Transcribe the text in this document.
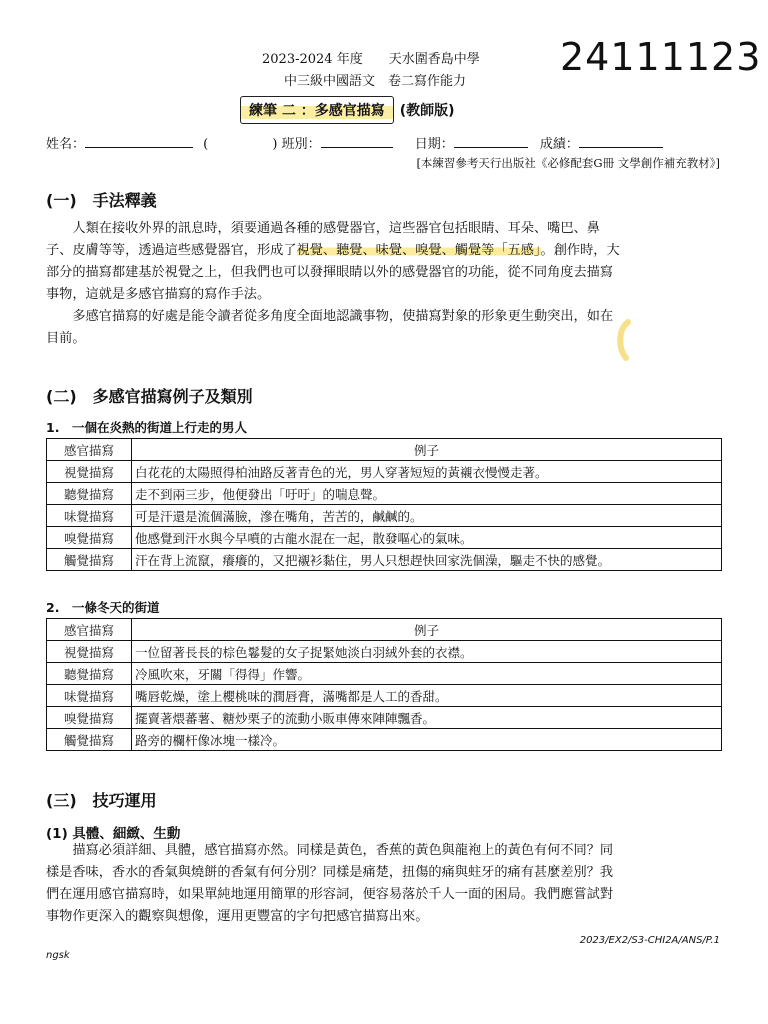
2023-2024 年度　　天水圍香島中學
中三級中國語文　卷二寫作能力
24111123
練筆 二 ：多感官描寫	(教師版)
姓名：	(	) 班別：	日期：	成績：
[本練習參考天行出版社《必修配套G冊 文學創作補充教材》]
(一)　手法釋義
人類在接收外界的訊息時，須要通過各種的感覺器官，這些器官包括眼睛、耳朵、嘴巴、鼻
子、皮膚等等，透過這些感覺器官，形成了視覺、聽覺、味覺、嗅覺、觸覺等「五感」。創作時，大
部分的描寫都建基於視覺之上，但我們也可以發揮眼睛以外的感覺器官的功能，從不同角度去描寫
事物，這就是多感官描寫的寫作手法。
多感官描寫的好處是能令讀者從多角度全面地認識事物，使描寫對象的形象更生動突出，如在
目前。
(二)　多感官描寫例子及類別
1.　一個在炎熱的街道上行走的男人
感官描寫	例子
視覺描寫	白花花的太陽照得柏油路反著青色的光，男人穿著短短的黃襯衣慢慢走著。
聽覺描寫	走不到兩三步，他便發出「吁吁」的喘息聲。
味覺描寫	可是汗還是流個滿臉，滲在嘴角，苦苦的，鹹鹹的。
嗅覺描寫	他感覺到汗水與今早噴的古龍水混在一起，散發嘔心的氣味。
觸覺描寫	汗在背上流竄，癢癢的，又把襯衫黏住，男人只想趕快回家洗個澡，驅走不快的感覺。
2.　一條冬天的街道
感官描寫	例子
視覺描寫	一位留著長長的棕色鬈髮的女子捉緊她淡白羽絨外套的衣襟。
聽覺描寫	冷風吹來，牙關「得得」作響。
味覺描寫	嘴唇乾燥，塗上櫻桃味的潤唇膏，滿嘴都是人工的香甜。
嗅覺描寫	擺賣著煨蕃薯、糖炒栗子的流動小販車傳來陣陣飄香。
觸覺描寫	路旁的欄杆像冰塊一樣冷。
(三)　技巧運用
(1) 具體、細緻、生動
描寫必須詳細、具體，感官描寫亦然。同樣是黃色，香蕉的黃色與龍袍上的黃色有何不同？同
樣是香味，香水的香氣與燒餅的香氣有何分別？同樣是痛楚，扭傷的痛與蛀牙的痛有甚麼差別？我
們在運用感官描寫時，如果單純地運用簡單的形容詞，便容易落於千人一面的困局。我們應嘗試對
事物作更深入的觀察與想像，運用更豐富的字句把感官描寫出來。
2023/EX2/S3-CHI2A/ANS/P.1
ngsk
